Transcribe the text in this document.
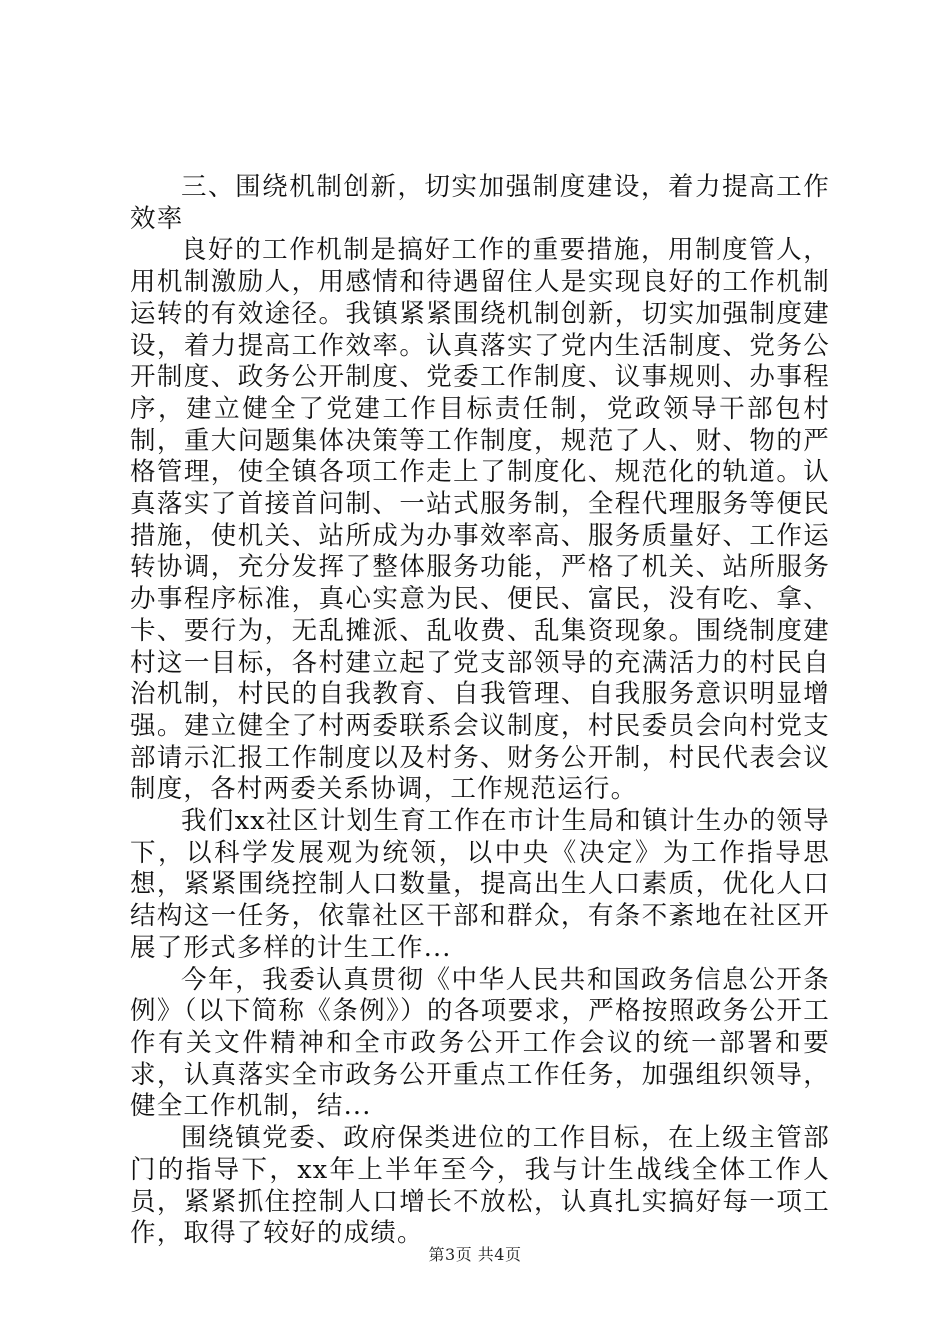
三、围绕机制创新，切实加强制度建设，着力提高工作效率

良好的工作机制是搞好工作的重要措施，用制度管人，用机制激励人，用感情和待遇留住人是实现良好的工作机制运转的有效途径。我镇紧紧围绕机制创新，切实加强制度建设，着力提高工作效率。认真落实了党内生活制度、党务公开制度、政务公开制度、党委工作制度、议事规则、办事程序，建立健全了党建工作目标责任制，党政领导干部包村制，重大问题集体决策等工作制度，规范了人、财、物的严格管理，使全镇各项工作走上了制度化、规范化的轨道。认真落实了首接首问制、一站式服务制，全程代理服务等便民措施，使机关、站所成为办事效率高、服务质量好、工作运转协调，充分发挥了整体服务功能，严格了机关、站所服务办事程序标准，真心实意为民、便民、富民，没有吃、拿、卡、要行为，无乱摊派、乱收费、乱集资现象。围绕制度建村这一目标，各村建立起了党支部领导的充满活力的村民自治机制，村民的自我教育、自我管理、自我服务意识明显增强。建立健全了村两委联系会议制度，村民委员会向村党支部请示汇报工作制度以及村务、财务公开制，村民代表会议制度，各村两委关系协调，工作规范运行。

我们xx社区计划生育工作在市计生局和镇计生办的领导下，以科学发展观为统领，以中央《决定》为工作指导思想，紧紧围绕控制人口数量，提高出生人口素质，优化人口结构这一任务，依靠社区干部和群众，有条不紊地在社区开展了形式多样的计生工作...

今年，我委认真贯彻《中华人民共和国政务信息公开条例》（以下简称《条例》）的各项要求，严格按照政务公开工作有关文件精神和全市政务公开工作会议的统一部署和要求，认真落实全市政务公开重点工作任务，加强组织领导，健全工作机制，结...

围绕镇党委、政府保类进位的工作目标，在上级主管部门的指导下，xx年上半年至今，我与计生战线全体工作人员，紧紧抓住控制人口增长不放松，认真扎实搞好每一项工作，取得了较好的成绩。

第3页 共4页
